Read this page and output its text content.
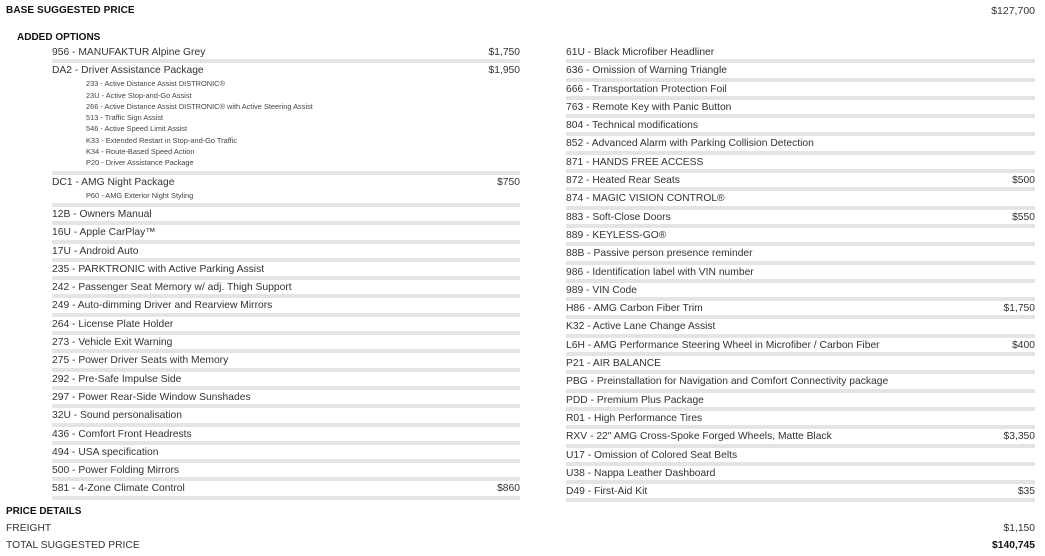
BASE SUGGESTED PRICE	$127,700
ADDED OPTIONS
956 - MANUFAKTUR Alpine Grey	$1,750
DA2 - Driver Assistance Package	$1,950
233 - Active Distance Assist DISTRONIC®
23U - Active Stop-and-Go Assist
266 - Active Distance Assist DISTRONIC® with Active Steering Assist
513 - Traffic Sign Assist
546 - Active Speed Limit Assist
K33 - Extended Restart in Stop-and-Go Traffic
K34 - Route-Based Speed Action
P20 - Driver Assistance Package
DC1 - AMG Night Package	$750
P60 - AMG Exterior Night Styling
12B - Owners Manual
16U - Apple CarPlay™
17U - Android Auto
235 - PARKTRONIC with Active Parking Assist
242 - Passenger Seat Memory w/ adj. Thigh Support
249 - Auto-dimming Driver and Rearview Mirrors
264 - License Plate Holder
273 - Vehicle Exit Warning
275 - Power Driver Seats with Memory
292 - Pre-Safe Impulse Side
297 - Power Rear-Side Window Sunshades
32U - Sound personalisation
436 - Comfort Front Headrests
494 - USA specification
500 - Power Folding Mirrors
581 - 4-Zone Climate Control	$860
61U - Black Microfiber Headliner
636 - Omission of Warning Triangle
666 - Transportation Protection Foil
763 - Remote Key with Panic Button
804 - Technical modifications
852 - Advanced Alarm with Parking Collision Detection
871 - HANDS FREE ACCESS
872 - Heated Rear Seats	$500
874 - MAGIC VISION CONTROL®
883 - Soft-Close Doors	$550
889 - KEYLESS-GO®
88B - Passive person presence reminder
986 - Identification label with VIN number
989 - VIN Code
H86 - AMG Carbon Fiber Trim	$1,750
K32 - Active Lane Change Assist
L6H - AMG Performance Steering Wheel in Microfiber / Carbon Fiber	$400
P21 - AIR BALANCE
PBG - Preinstallation for Navigation and Comfort Connectivity package
PDD - Premium Plus Package
R01 - High Performance Tires
RXV - 22" AMG Cross-Spoke Forged Wheels, Matte Black	$3,350
U17 - Omission of Colored Seat Belts
U38 - Nappa Leather Dashboard
D49 - First-Aid Kit	$35
PRICE DETAILS
FREIGHT	$1,150
TOTAL SUGGESTED PRICE	$140,745
